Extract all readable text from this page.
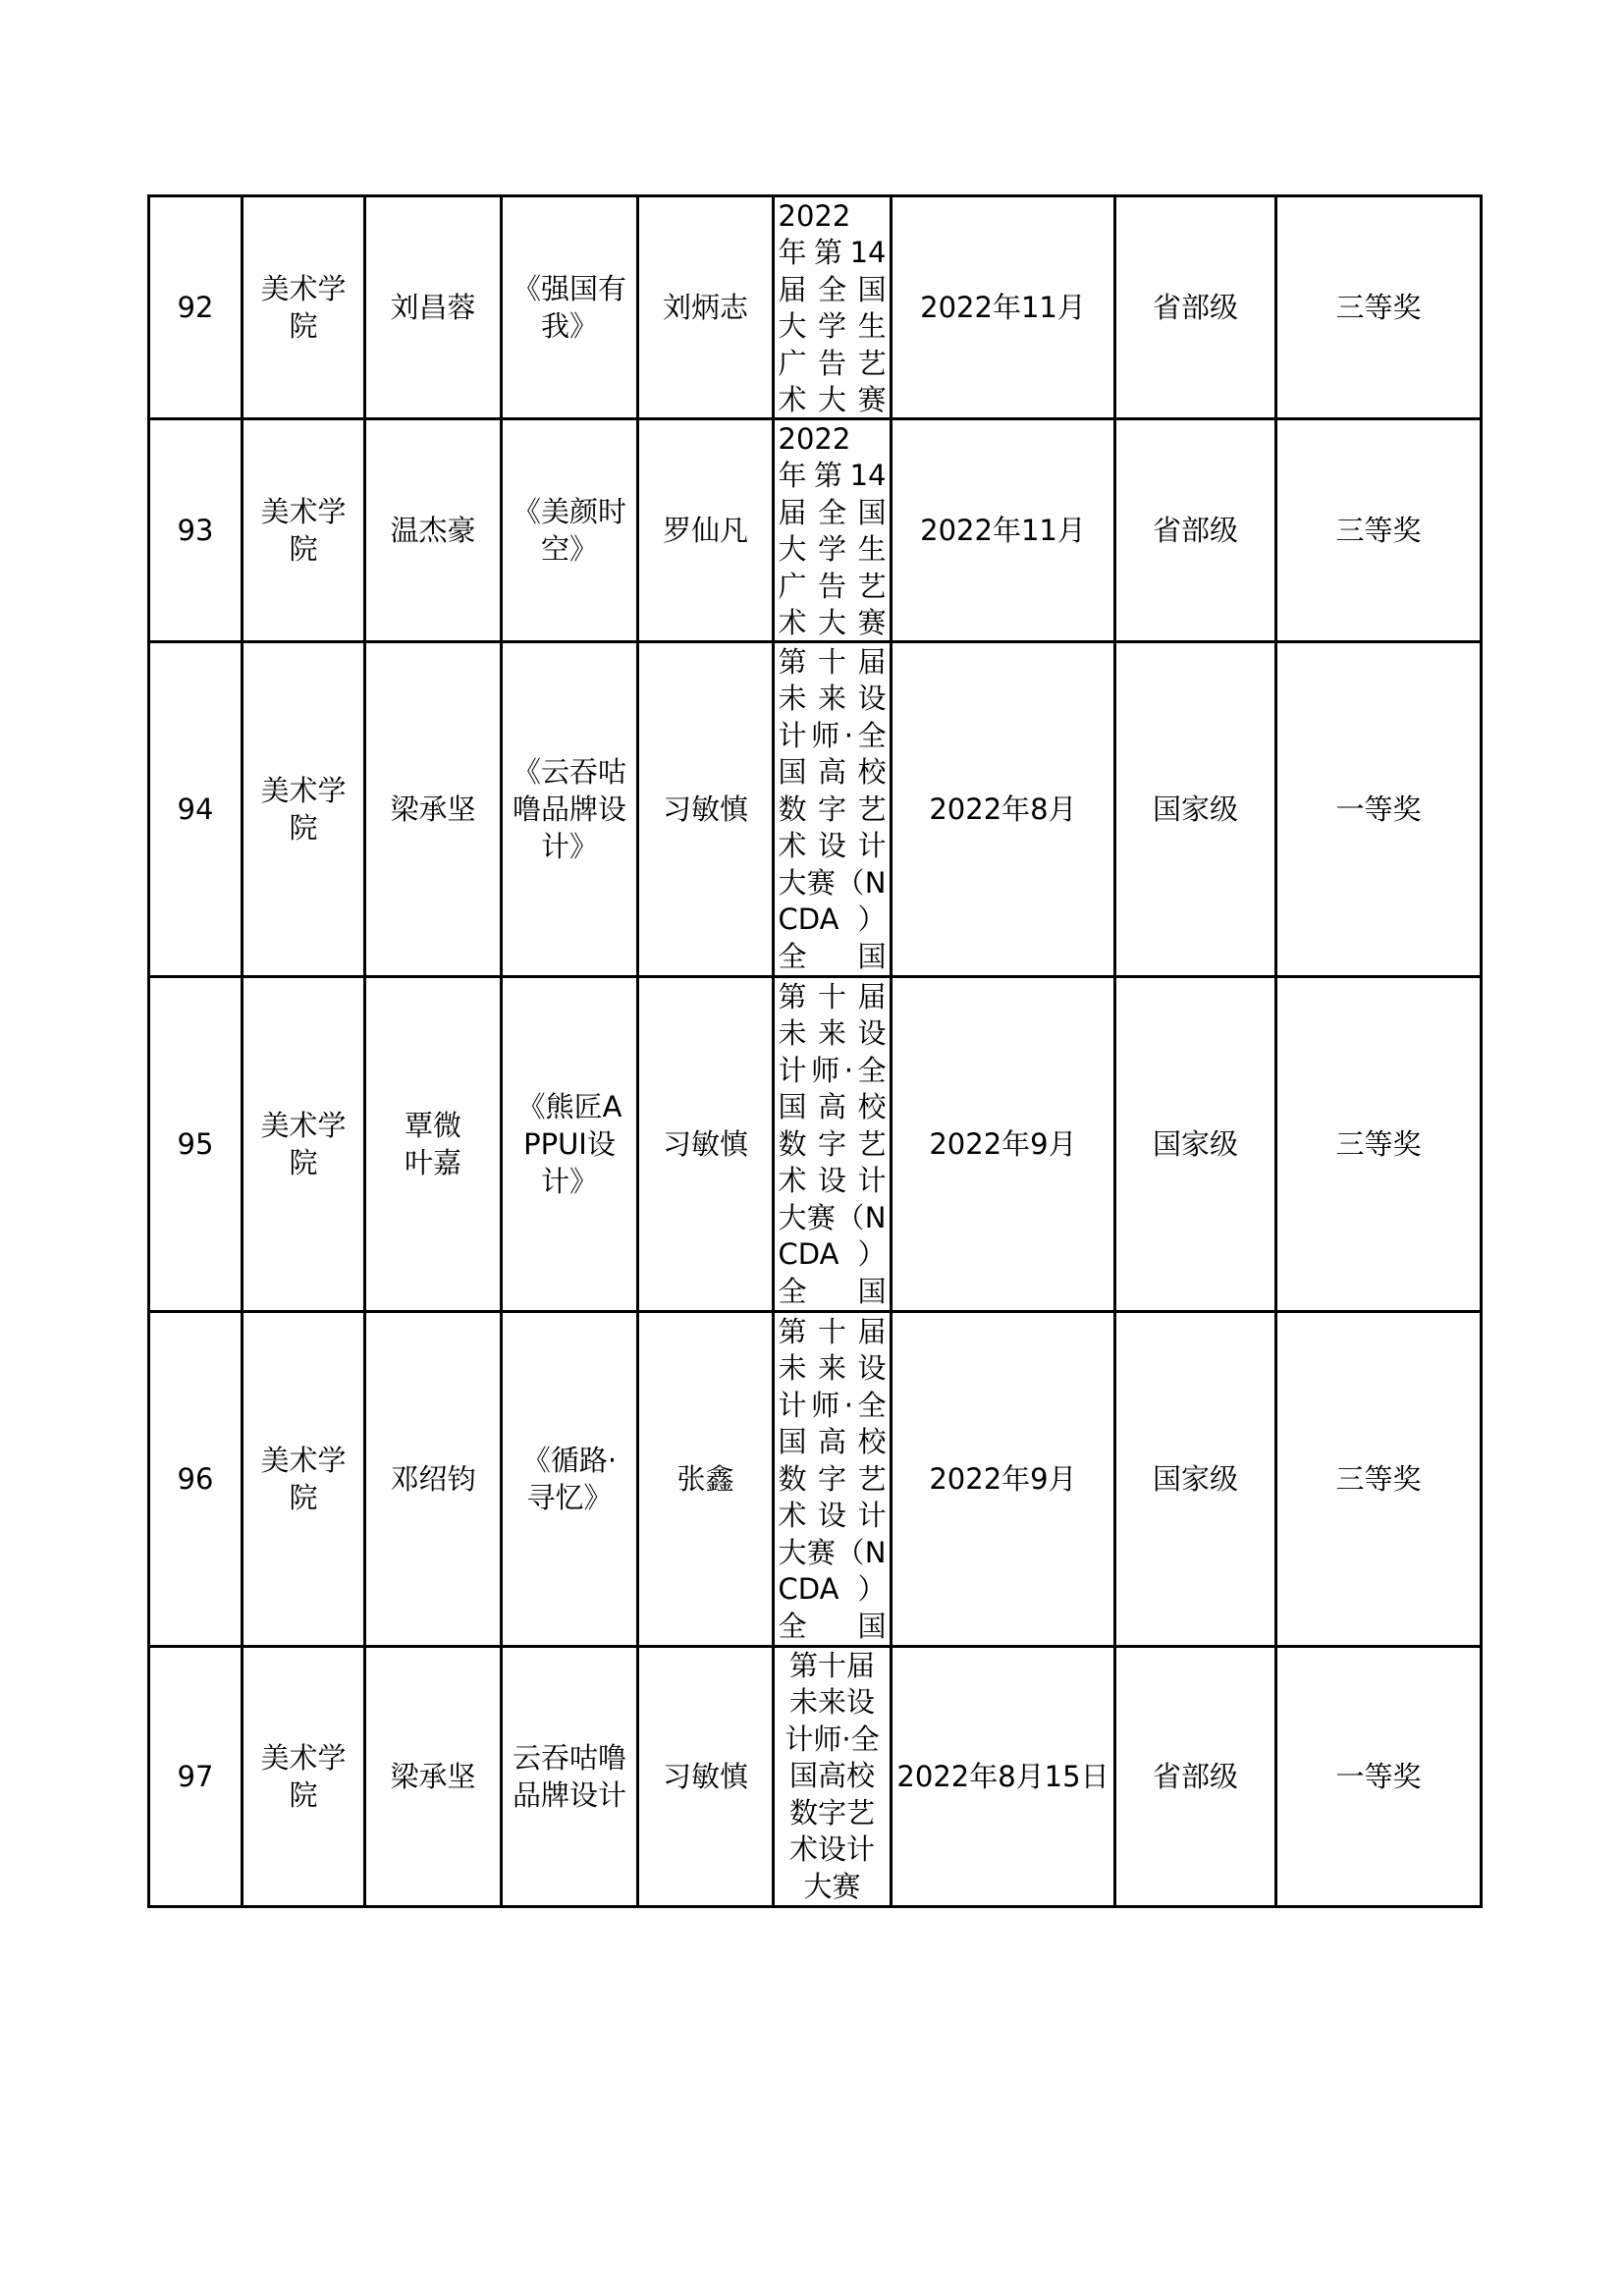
92	美术学院	刘昌蓉	《强国有我》	刘炳志	2022 年第14届全国大学生广告艺术大赛	2022年11月	省部级	三等奖
93	美术学院	温杰豪	《美颜时空》	罗仙凡	2022 年第14届全国大学生广告艺术大赛	2022年11月	省部级	三等奖
94	美术学院	梁承坚	《云吞咕噜品牌设计》	习敏慎	第十届未来设计师·全国高校数字艺术设计大赛（NCDA）全国	2022年8月	国家级	一等奖
95	美术学院	覃微叶嘉	《熊匠APPUI设计》	习敏慎	第十届未来设计师·全国高校数字艺术设计大赛（NCDA）全国	2022年9月	国家级	三等奖
96	美术学院	邓绍钧	《循路·寻忆》	张鑫	第十届未来设计师·全国高校数字艺术设计大赛（NCDA）全国	2022年9月	国家级	三等奖
97	美术学院	梁承坚	云吞咕噜品牌设计	习敏慎	第十届未来设计师·全国高校数字艺术设计大赛	2022年8月15日	省部级	一等奖
